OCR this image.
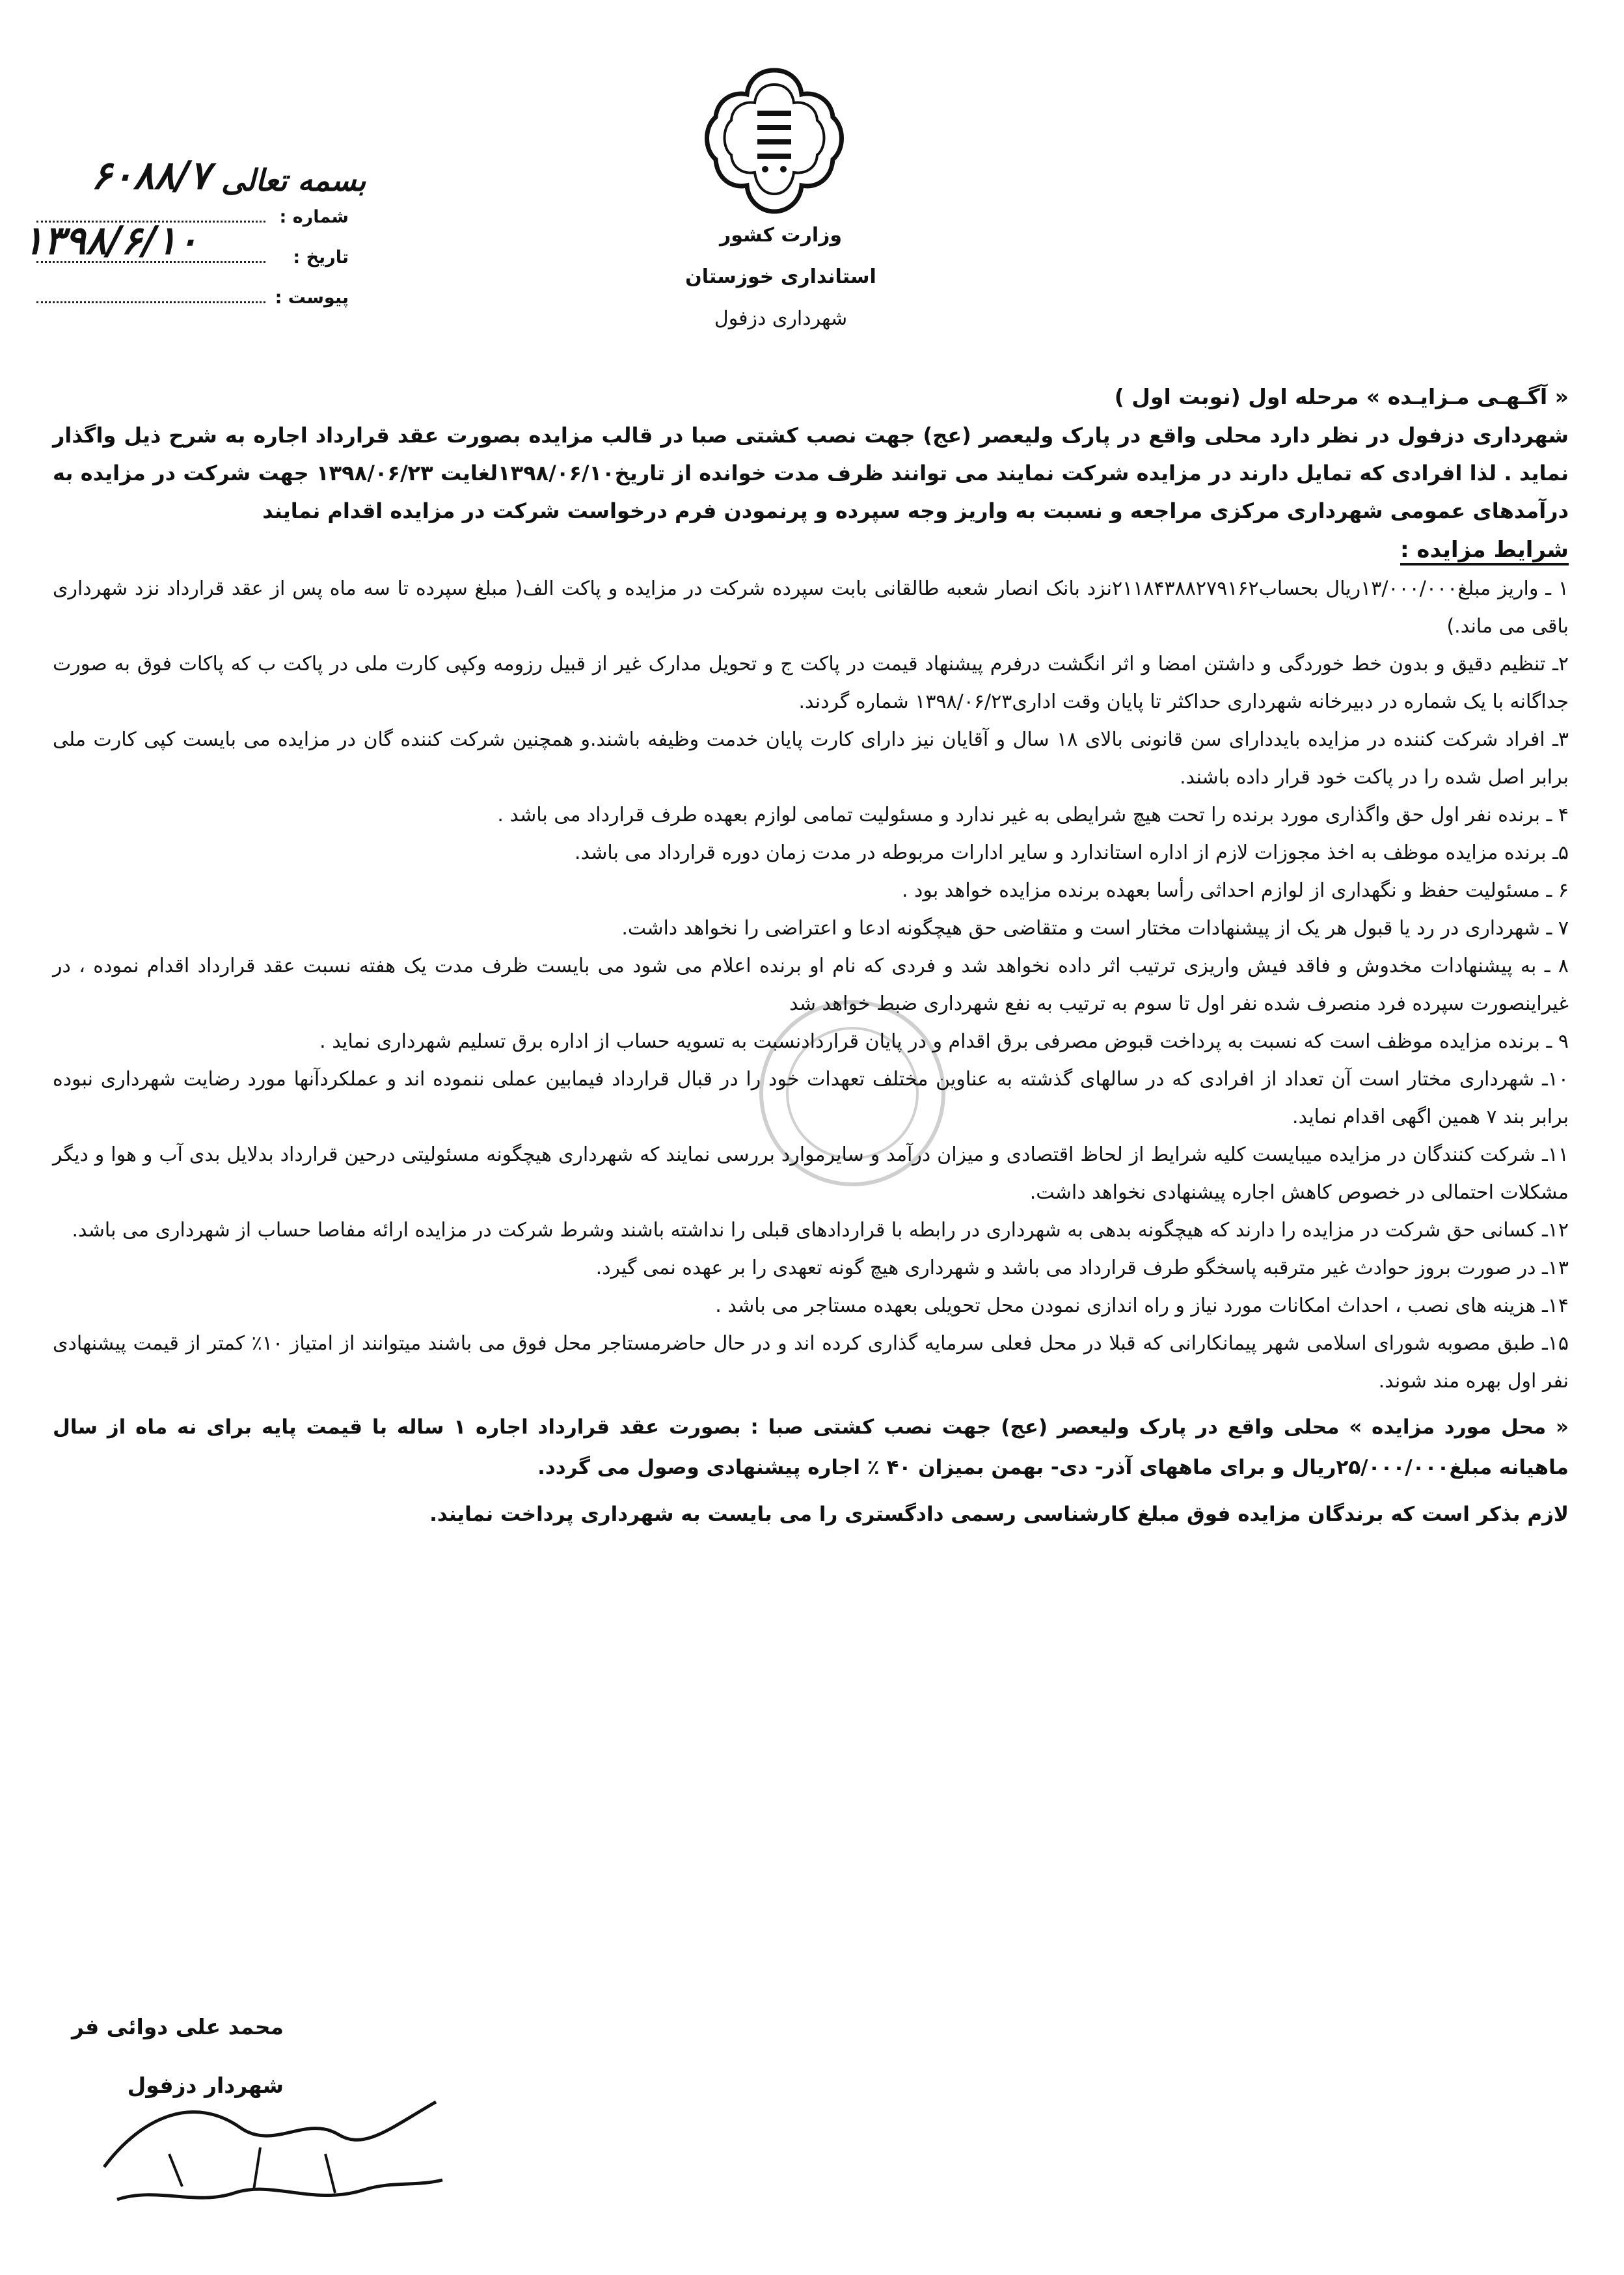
بسمه تعالی
وزارت کشور
استانداری خوزستان
شهرداری دزفول
شماره :
تاریخ :
پیوست :
۶۰۸۸/۷
۱۳۹۸/۶/۱۰
« آگـهـی مـزایـده » مرحله اول (نوبت اول )
شهرداری دزفول در نظر دارد محلی واقع در پارک ولیعصر (عج) جهت نصب کشتی صبا در قالب مزایده بصورت عقد قرارداد اجاره به شرح ذیل واگذار نماید . لذا افرادی که تمایل دارند در مزایده شرکت نمایند می توانند ظرف مدت خوانده از تاریخ۱۳۹۸/۰۶/۱۰لغایت ۱۳۹۸/۰۶/۲۳ جهت شرکت در مزایده به درآمدهای عمومی شهرداری مرکزی مراجعه و نسبت به واریز وجه سپرده و پرنمودن فرم درخواست شرکت در مزایده اقدام نمایند
شرایط مزایده :

۱ ـ واریز مبلغ۱۳/۰۰۰/۰۰۰ریال بحساب۲۱۱۸۴۳۸۸۲۷۹۱۶۲نزد بانک انصار شعبه طالقانی بابت سپرده شرکت در مزایده و پاکت الف( مبلغ سپرده تا سه ماه پس از عقد قرارداد نزد شهرداری باقی می ماند.)

۲ـ تنظیم دقیق و بدون خط خوردگی و داشتن امضا و اثر انگشت درفرم پیشنهاد قیمت در پاکت ج و تحویل مدارک غیر از قبیل رزومه وکپی کارت ملی در پاکت ب که پاکات فوق به صورت جداگانه با یک شماره در دبیرخانه شهرداری حداکثر تا پایان وقت اداری۱۳۹۸/۰۶/۲۳ شماره گردند.

۳ـ افراد شرکت کننده در مزایده بایددارای سن قانونی بالای ۱۸ سال و آقایان نیز دارای کارت پایان خدمت وظیفه باشند.و همچنین شرکت کننده گان در مزایده می بایست کپی کارت ملی برابر اصل شده را در پاکت خود قرار داده باشند.

۴ ـ برنده نفر اول حق واگذاری مورد برنده را تحت هیچ شرایطی به غیر ندارد و مسئولیت تمامی لوازم بعهده طرف قرارداد می باشد .

۵ـ برنده مزایده موظف به اخذ مجوزات لازم از اداره استاندارد و سایر ادارات مربوطه در مدت زمان دوره قرارداد می باشد.

۶ ـ مسئولیت حفظ و نگهداری از لوازم احداثی رأسا بعهده برنده مزایده خواهد بود .

۷ ـ شهرداری در رد یا قبول هر یک از پیشنهادات مختار است و متقاضی حق هیچگونه ادعا و اعتراضی را نخواهد داشت.

۸ ـ به پیشنهادات مخدوش و فاقد فیش واریزی ترتیب اثر داده نخواهد شد و فردی که نام او برنده اعلام می شود می بایست ظرف مدت یک هفته نسبت عقد قرارداد اقدام نموده ، در غیراینصورت سپرده فرد منصرف شده نفر اول تا سوم به ترتیب به نفع شهرداری ضبط خواهد شد

۹ ـ برنده مزایده موظف است که نسبت به پرداخت قبوض مصرفی برق اقدام و در پایان قراردادنسبت به تسویه حساب از اداره برق تسلیم شهرداری نماید .

۱۰ـ شهرداری مختار است آن تعداد از افرادی که در سالهای گذشته به عناوین مختلف تعهدات خود را در قبال قرارداد فیمابین عملی ننموده اند و عملکردآنها مورد رضایت شهرداری نبوده برابر بند ۷ همین اگهی اقدام نماید.

۱۱ـ شرکت کنندگان در مزایده میبایست کلیه شرایط از لحاظ اقتصادی و میزان درآمد و سایرموارد بررسی نمایند که شهرداری هیچگونه مسئولیتی درحین قرارداد بدلایل بدی آب و هوا و دیگر مشکلات احتمالی در خصوص کاهش اجاره پیشنهادی نخواهد داشت.

۱۲ـ کسانی حق شرکت در مزایده را دارند که هیچگونه بدهی به شهرداری در رابطه با قراردادهای قبلی را نداشته باشند وشرط شرکت در مزایده ارائه مفاصا حساب از شهرداری می باشد.

۱۳ـ در صورت بروز حوادث غیر مترقبه پاسخگو طرف قرارداد می باشد و شهرداری هیچ گونه تعهدی را بر عهده نمی گیرد.

۱۴ـ هزینه های نصب ، احداث امکانات مورد نیاز و راه اندازی نمودن محل تحویلی بعهده مستاجر می باشد .

۱۵ـ طبق مصوبه شورای اسلامی شهر پیمانکارانی که قبلا در محل فعلی سرمایه گذاری کرده اند و در حال حاضرمستاجر محل فوق می باشند میتوانند از امتیاز ۱۰٪ کمتر از قیمت پیشنهادی نفر اول بهره مند شوند.

« محل مورد مزایده » محلی واقع در پارک ولیعصر (عج) جهت نصب کشتی صبا : بصورت عقد قرارداد اجاره ۱ ساله با قیمت پایه برای نه ماه از سال ماهیانه مبلغ۲۵/۰۰۰/۰۰۰ریال و برای ماههای آذر- دی- بهمن بمیزان ۴۰ ٪ اجاره پیشنهادی وصول می گردد.
لازم بذکر است که برندگان مزایده فوق مبلغ کارشناسی رسمی دادگستری را می بایست به شهرداری پرداخت نمایند.
محمد علی دوائی فر
شهردار دزفول
